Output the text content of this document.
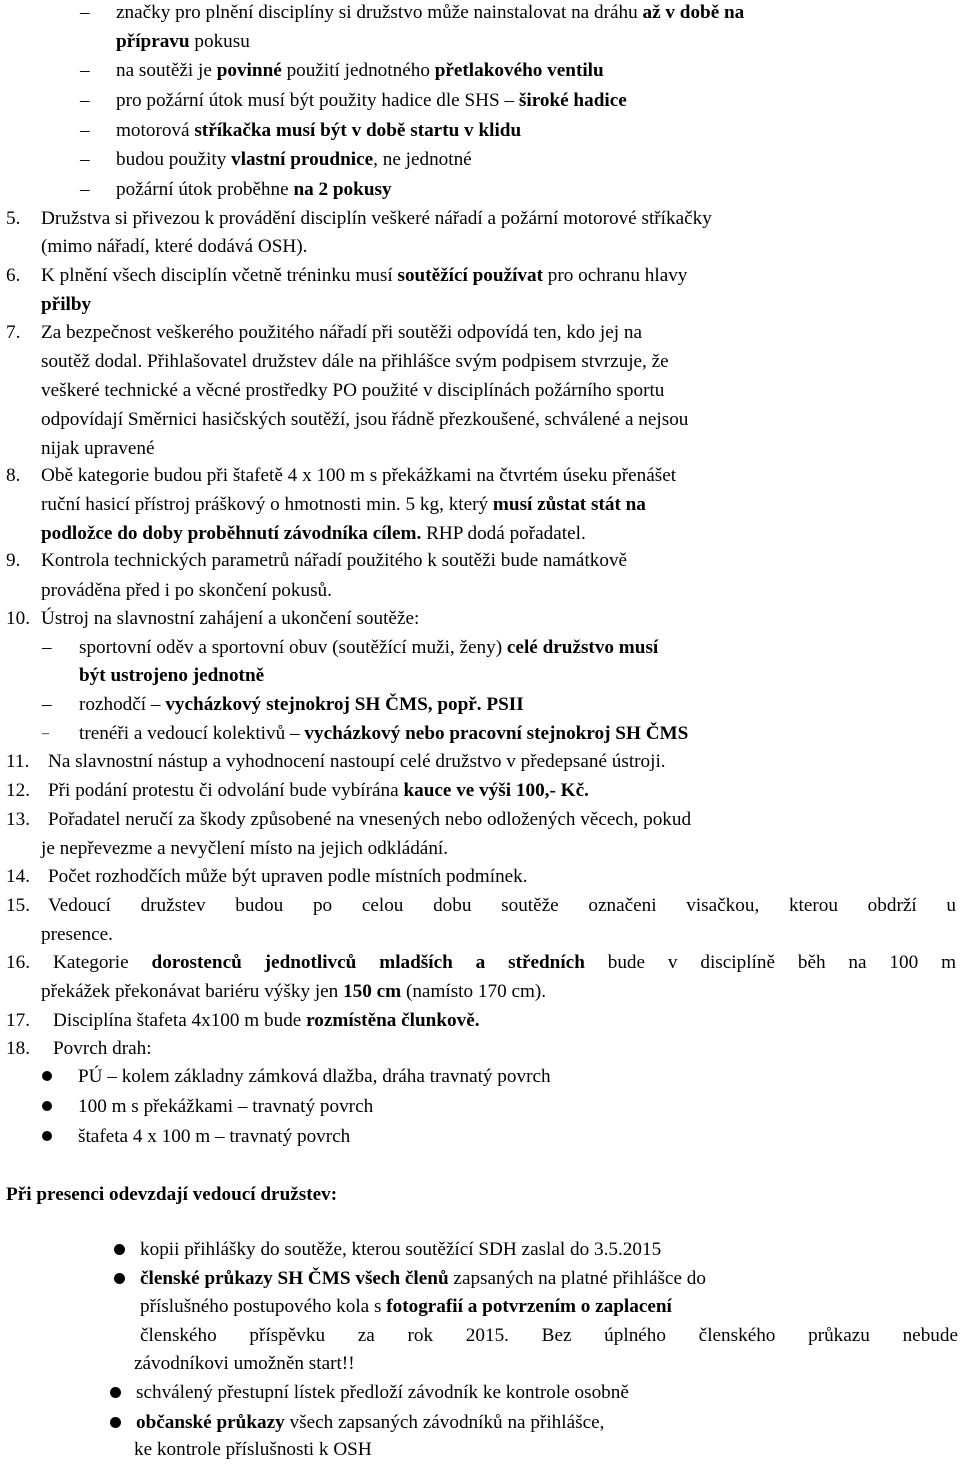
– značky pro plnění disciplíny si družstvo může nainstalovat na dráhu až v době na
přípravu pokusu
– na soutěži je povinné použití jednotného přetlakového ventilu
– pro požární útok musí být použity hadice dle SHS – široké hadice
– motorová stříkačka musí být v době startu v klidu
– budou použity vlastní proudnice, ne jednotné
– požární útok proběhne na 2 pokusy
5. Družstva si přivezou k provádění disciplín veškeré nářadí a požární motorové stříkačky
(mimo nářadí, které dodává OSH).
6. K plnění všech disciplín včetně tréninku musí soutěžící používat pro ochranu hlavy
přilby
7. Za bezpečnost veškerého použitého nářadí při soutěži odpovídá ten, kdo jej na
soutěž dodal. Přihlašovatel družstev dále na přihlášce svým podpisem stvrzuje, že
veškeré technické a věcné prostředky PO použité v disciplínách požárního sportu
odpovídají Směrnici hasičských soutěží, jsou řádně přezkoušené, schválené a nejsou
nijak upravené
8. Obě kategorie budou při štafetě 4 x 100 m s překážkami na čtvrtém úseku přenášet
ruční hasicí přístroj práškový o hmotnosti min. 5 kg, který musí zůstat stát na
podložce do doby proběhnutí závodníka cílem. RHP dodá pořadatel.
9. Kontrola technických parametrů nářadí použitého k soutěži bude namátkově
prováděna před i po skončení pokusů.
10. Ústroj na slavnostní zahájení a ukončení soutěže:
– sportovní oděv a sportovní obuv (soutěžící muži, ženy) celé družstvo musí
být ustrojeno jednotně
– rozhodčí – vycházkový stejnokroj SH ČMS, popř. PSII
– trenéři a vedoucí kolektivů – vycházkový nebo pracovní stejnokroj SH ČMS
11. Na slavnostní nástup a vyhodnocení nastoupí celé družstvo v předepsané ústroji.
12. Při podání protestu či odvolání bude vybírána kauce ve výši 100,- Kč.
13. Pořadatel neručí za škody způsobené na vnesených nebo odložených věcech, pokud
je nepřevezme a nevyčlení místo na jejich odkládání.
14. Počet rozhodčích může být upraven podle místních podmínek.
15. Vedoucí družstev budou po celou dobu soutěže označeni visačkou, kterou obdrží u
presence.
16. Kategorie dorostenců jednotlivců mladších a středních bude v disciplíně běh na 100 m
překážek překonávat bariéru výšky jen 150 cm (namísto 170 cm).
17. Disciplína štafeta 4x100 m bude rozmístěna člunkově.
18. Povrch drah:
PÚ – kolem základny zámková dlažba, dráha travnatý povrch
100 m s překážkami – travnatý povrch
štafeta 4 x 100 m – travnatý povrch
Při presenci odevzdají vedoucí družstev:
kopii přihlášky do soutěže, kterou soutěžící SDH zaslal do 3.5.2015
členské průkazy SH ČMS všech členů zapsaných na platné přihlášce do
příslušného postupového kola s fotografií a potvrzením o zaplacení
členského příspěvku za rok 2015. Bez úplného členského průkazu nebude
závodníkovi umožněn start!!
schválený přestupní lístek předloží závodník ke kontrole osobně
občanské průkazy všech zapsaných závodníků na přihlášce,
ke kontrole příslušnosti k OSH
